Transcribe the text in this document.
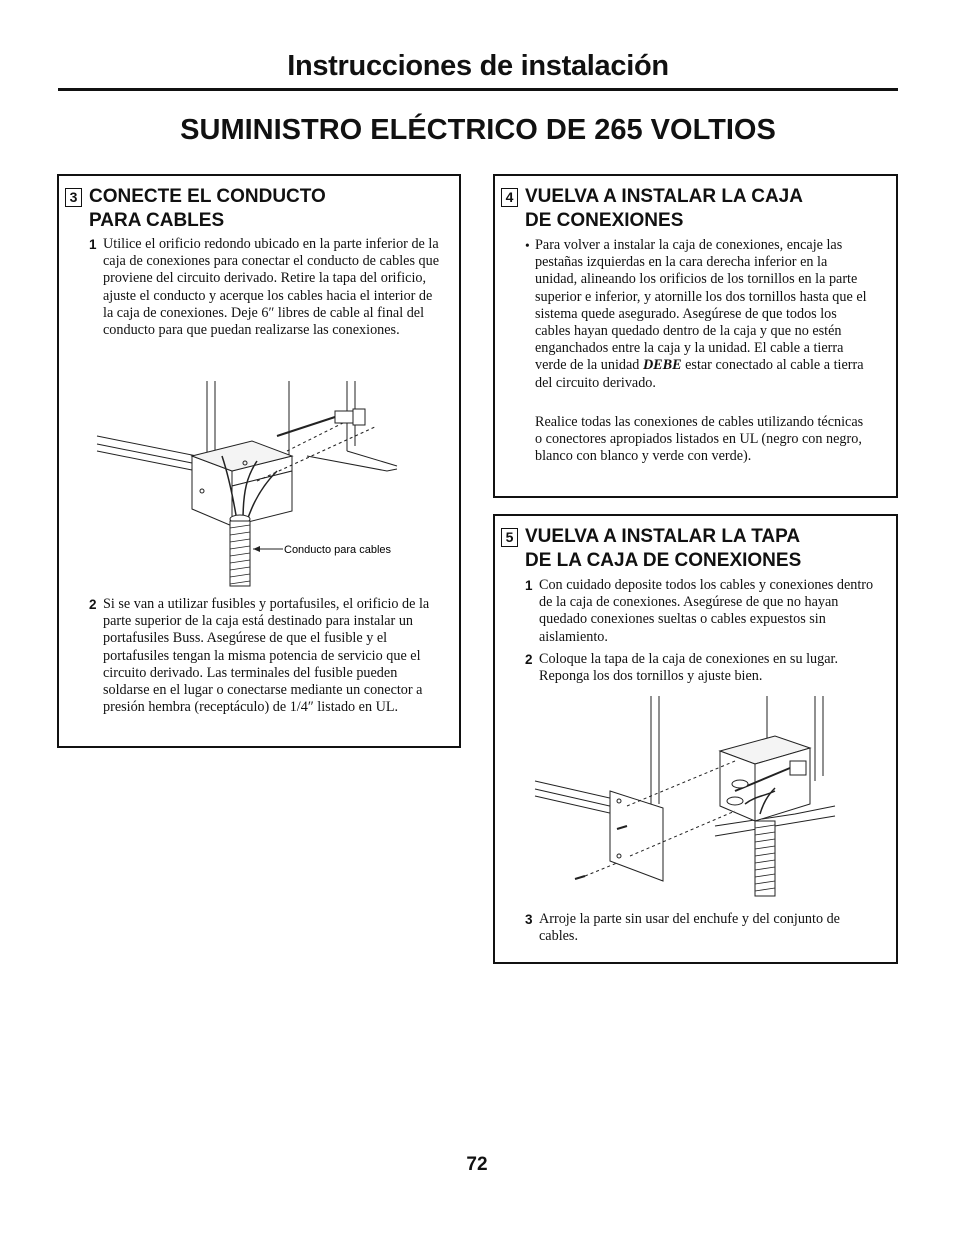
Instrucciones de instalación
SUMINISTRO ELÉCTRICO DE 265 VOLTIOS
3 CONECTE EL CONDUCTO
PARA CABLES
1 Utilice el orificio redondo ubicado en la parte inferior de la caja de conexiones para conectar el conducto de cables que proviene del circuito derivado. Retire la tapa del orificio, ajuste el conducto y acerque los cables hacia el interior de la caja de conexiones. Deje 6″ libres de cable al final del conducto para que puedan realizarse las conexiones.
Conducto para cables
2 Si se van a utilizar fusibles y portafusiles, el orificio de la parte superior de la caja está destinado para instalar un portafusiles Buss. Asegúrese de que el fusible y el portafusiles tengan la misma potencia de servicio que el circuito derivado. Las terminales del fusible pueden soldarse en el lugar o conectarse mediante un conector a presión hembra (receptáculo) de 1/4″ listado en UL.
4 VUELVA A INSTALAR LA CAJA
DE CONEXIONES
• Para volver a instalar la caja de conexiones, encaje las pestañas izquierdas en la cara derecha inferior en la unidad, alineando los orificios de los tornillos en la parte superior e inferior, y atornille los dos tornillos hasta que el sistema quede asegurado. Asegúrese de que todos los cables hayan quedado dentro de la caja y que no estén enganchados entre la caja y la unidad. El cable a tierra verde de la unidad DEBE estar conectado al cable a tierra del circuito derivado.
Realice todas las conexiones de cables utilizando técnicas o conectores apropiados listados en UL (negro con negro, blanco con blanco y verde con verde).
5 VUELVA A INSTALAR LA TAPA
DE LA CAJA DE CONEXIONES
1 Con cuidado deposite todos los cables y conexiones dentro de la caja de conexiones. Asegúrese de que no hayan quedado conexiones sueltas o cables expuestos sin aislamiento.
2 Coloque la tapa de la caja de conexiones en su lugar. Reponga los dos tornillos y ajuste bien.
3 Arroje la parte sin usar del enchufe y del conjunto de cables.
72
